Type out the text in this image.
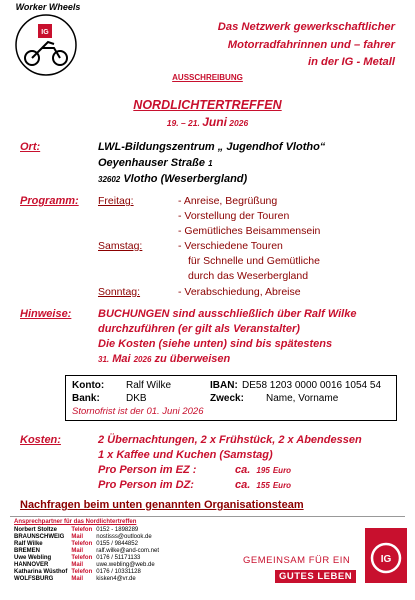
IG
Worker Wheels
Das Netzwerk gewerkschaftlicher
Motorradfahrinnen und – fahrer
in der IG - Metall
AUSSCHREIBUNG
NORDLICHTERTREFFEN
19. – 21. Juni 2026
Ort:	LWL-Bildungszentrum „ Jugendhof Vlotho“
Oeyenhauser Straße 1
32602 Vlotho (Weserbergland)
Programm: Freitag:	- Anreise, Begrüßung
- Vorstellung der Touren
- Gemütliches Beisammensein
Samstag:	- Verschiedene Touren
für Schnelle und Gemütliche
durch das Weserbergland
Sonntag:	- Verabschiedung, Abreise
Hinweise: BUCHUNGEN sind ausschließlich über Ralf Wilke
durchzuführen (er gilt als Veranstalter)
Die Kosten (siehe unten) sind bis spätestens
31. Mai 2026 zu überweisen
Konto: Ralf Wilke	IBAN: DE58 1203 0000 0016 1054 54
Bank:	DKB	Zweck: Name, Vorname
Stornofrist ist der 01. Juni 2026
Kosten:	2 Übernachtungen, 2 x Frühstück, 2 x Abendessen
1 x Kaffee und Kuchen (Samstag)
Pro Person im EZ :	ca. 195 Euro
Pro Person im DZ:	ca. 155 Euro
Nachfragen beim unten genannten Organisationsteam
Ansprechpartner für das Nordlichtertreffen
Norbert Stoltze	Telefon	0152 - 1898289
BRAUNSCHWEIG	Mail	nostisss@outlook.de
Ralf Wilke	Telefon	0155 / 9844852
BREMEN	Mail	ralf.wilke@and-com.net
Uwe Webling	Telefon	0176 / 51171133
HANNOVER	Mail	uwe.webling@web.de
Katharina Wüsthof	Telefon	0176 / 10331128
WOLFSBURG	Mail	kisken4@vr.de
GEMEINSAM FÜR EIN
GUTES LEBEN
IG
